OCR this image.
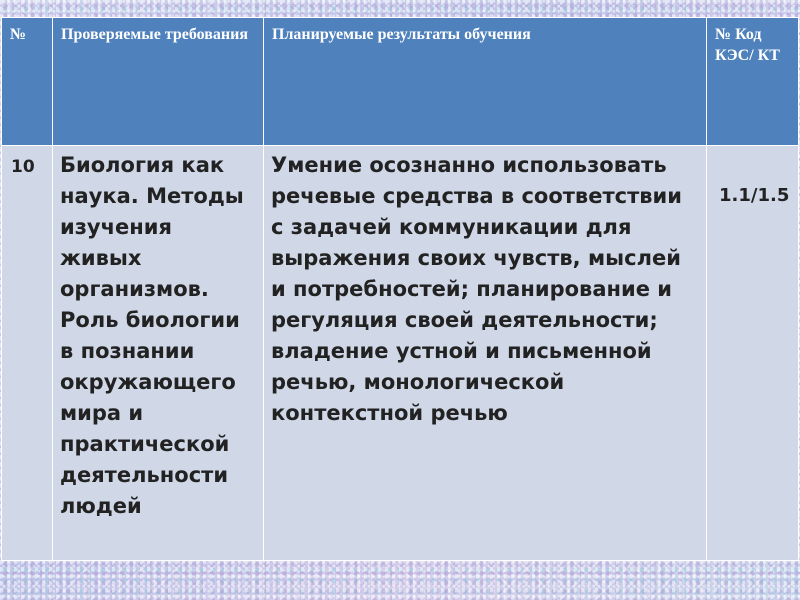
№	Проверяемые требования	Планируемые результаты обучения	№ Код КЭС/ КТ

10	Биология как наука. Методы изучения живых организмов. Роль биологии в познании окружающего мира и практической деятельности людей	Умение осознанно использовать речевые средства в соответствии с задачей коммуникации для выражения своих чувств, мыслей и потребностей; планирование и регуляция своей деятельности; владение устной и письменной речью, монологической контекстной речью	1.1/1.5
